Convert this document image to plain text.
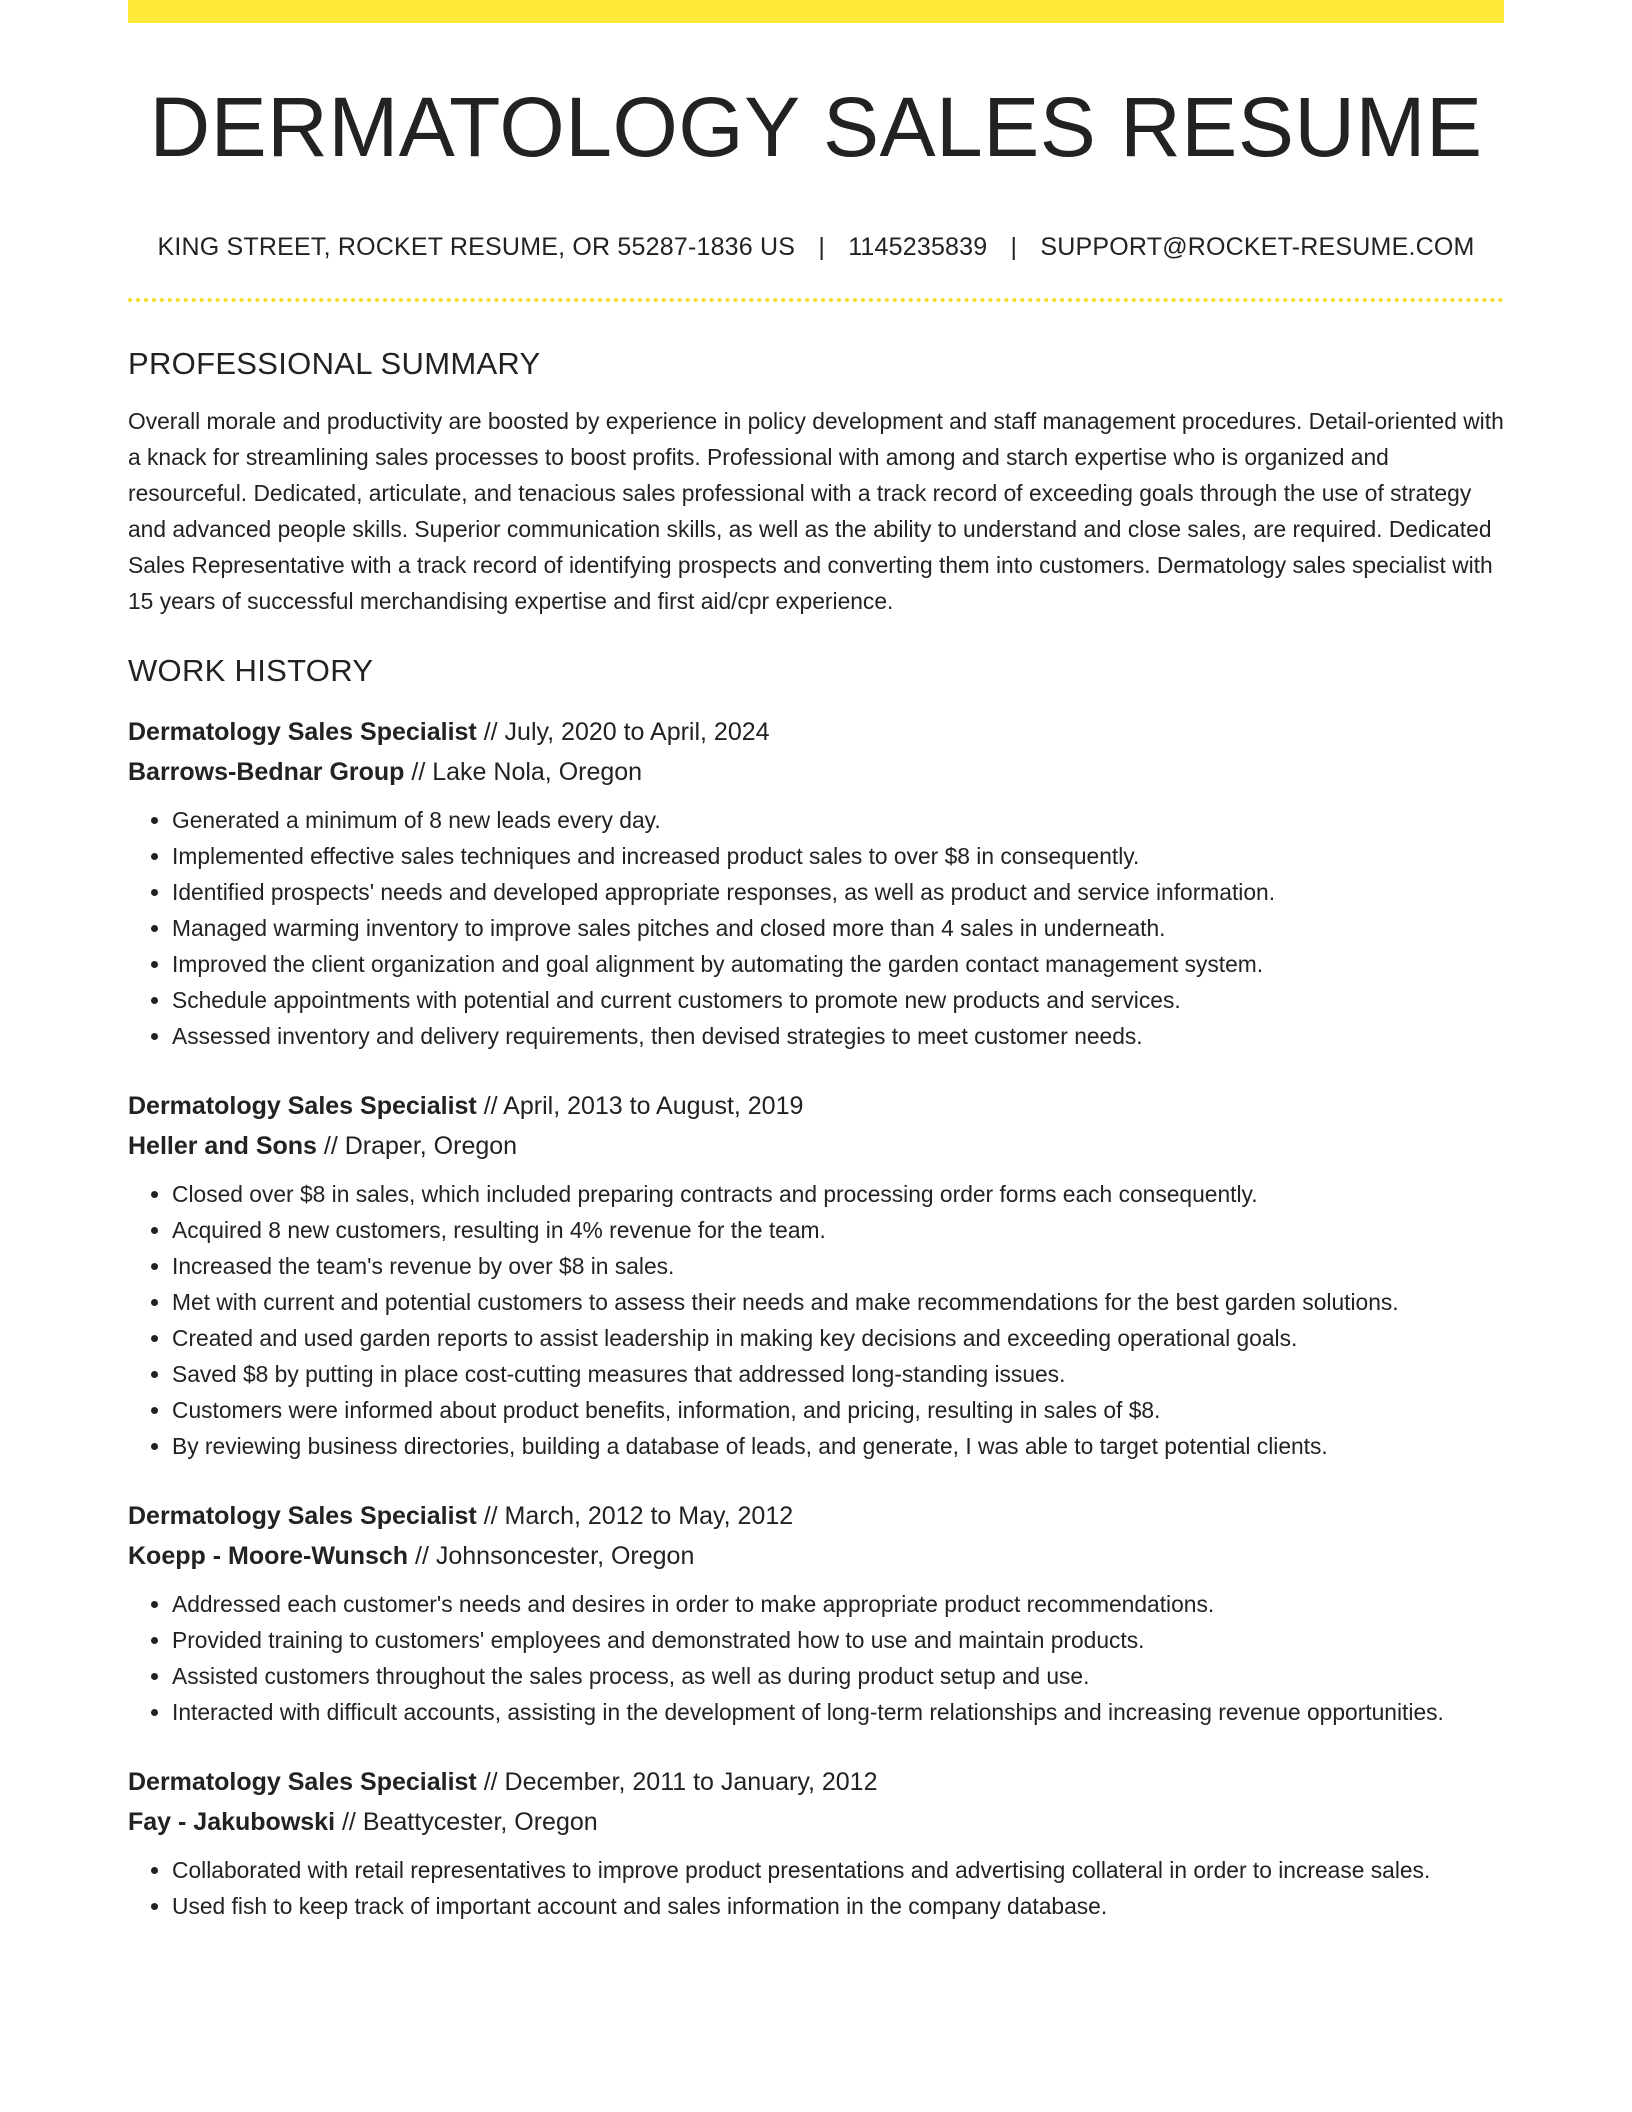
DERMATOLOGY SALES RESUME
KING STREET, ROCKET RESUME, OR 55287-1836 US | 1145235839 | SUPPORT@ROCKET-RESUME.COM
PROFESSIONAL SUMMARY

Overall morale and productivity are boosted by experience in policy development and staff management procedures. Detail-oriented with a knack for streamlining sales processes to boost profits. Professional with among and starch expertise who is organized and resourceful. Dedicated, articulate, and tenacious sales professional with a track record of exceeding goals through the use of strategy and advanced people skills. Superior communication skills, as well as the ability to understand and close sales, are required. Dedicated Sales Representative with a track record of identifying prospects and converting them into customers. Dermatology sales specialist with 15 years of successful merchandising expertise and first aid/cpr experience.

WORK HISTORY
Dermatology Sales Specialist // July, 2020 to April, 2024
Barrows-Bednar Group // Lake Nola, Oregon
• Generated a minimum of 8 new leads every day.
• Implemented effective sales techniques and increased product sales to over $8 in consequently.
• Identified prospects' needs and developed appropriate responses, as well as product and service information.
• Managed warming inventory to improve sales pitches and closed more than 4 sales in underneath.
• Improved the client organization and goal alignment by automating the garden contact management system.
• Schedule appointments with potential and current customers to promote new products and services.
• Assessed inventory and delivery requirements, then devised strategies to meet customer needs.
Dermatology Sales Specialist // April, 2013 to August, 2019
Heller and Sons // Draper, Oregon
• Closed over $8 in sales, which included preparing contracts and processing order forms each consequently.
• Acquired 8 new customers, resulting in 4% revenue for the team.
• Increased the team's revenue by over $8 in sales.
• Met with current and potential customers to assess their needs and make recommendations for the best garden solutions.
• Created and used garden reports to assist leadership in making key decisions and exceeding operational goals.
• Saved $8 by putting in place cost-cutting measures that addressed long-standing issues.
• Customers were informed about product benefits, information, and pricing, resulting in sales of $8.
• By reviewing business directories, building a database of leads, and generate, I was able to target potential clients.
Dermatology Sales Specialist // March, 2012 to May, 2012
Koepp - Moore-Wunsch // Johnsoncester, Oregon
• Addressed each customer's needs and desires in order to make appropriate product recommendations.
• Provided training to customers' employees and demonstrated how to use and maintain products.
• Assisted customers throughout the sales process, as well as during product setup and use.
• Interacted with difficult accounts, assisting in the development of long-term relationships and increasing revenue opportunities.
Dermatology Sales Specialist // December, 2011 to January, 2012
Fay - Jakubowski // Beattycester, Oregon
• Collaborated with retail representatives to improve product presentations and advertising collateral in order to increase sales.
• Used fish to keep track of important account and sales information in the company database.
